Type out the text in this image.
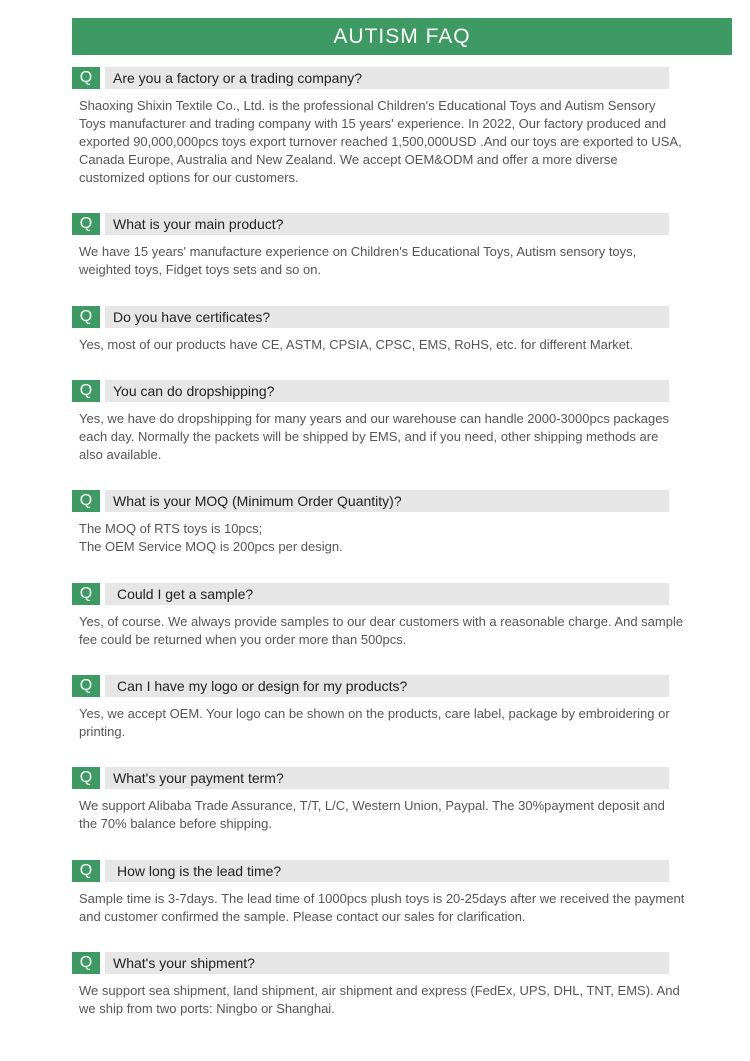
AUTISM FAQ
Q	Are you a factory or a trading company?
Shaoxing Shixin Textile Co., Ltd. is the professional Children's Educational Toys and Autism Sensory Toys manufacturer and trading company with 15 years' experience. In 2022, Our factory produced and exported 90,000,000pcs toys export turnover reached 1,500,000USD .And our toys are exported to USA, Canada Europe, Australia and New Zealand. We accept OEM&ODM and offer a more diverse customized options for our customers.
Q	What is your main product?
We have 15 years' manufacture experience on Children's Educational Toys, Autism sensory toys, weighted toys, Fidget toys sets and so on.
Q	Do you have certificates?
Yes, most of our products have CE, ASTM, CPSIA, CPSC, EMS, RoHS, etc. for different Market.
Q	You can do dropshipping?
Yes, we have do dropshipping for many years and our warehouse can handle 2000-3000pcs packages each day. Normally the packets will be shipped by EMS, and if you need, other shipping methods are also available.
Q	What is your MOQ (Minimum Order Quantity)?
The MOQ of RTS toys is 10pcs;
The OEM Service MOQ is 200pcs per design.
Q	Could I get a sample?
Yes, of course. We always provide samples to our dear customers with a reasonable charge. And sample fee could be returned when you order more than 500pcs.
Q	Can I have my logo or design for my products?
Yes, we accept OEM. Your logo can be shown on the products, care label, package by embroidering or printing.
Q	What's your payment term?
We support Alibaba Trade Assurance, T/T, L/C, Western Union, Paypal. The 30%payment deposit and the 70% balance before shipping.
Q	How long is the lead time?
Sample time is 3-7days. The lead time of 1000pcs plush toys is 20-25days after we received the payment and customer confirmed the sample. Please contact our sales for clarification.
Q	What's your shipment?
We support sea shipment, land shipment, air shipment and express (FedEx, UPS, DHL, TNT, EMS). And we ship from two ports: Ningbo or Shanghai.
